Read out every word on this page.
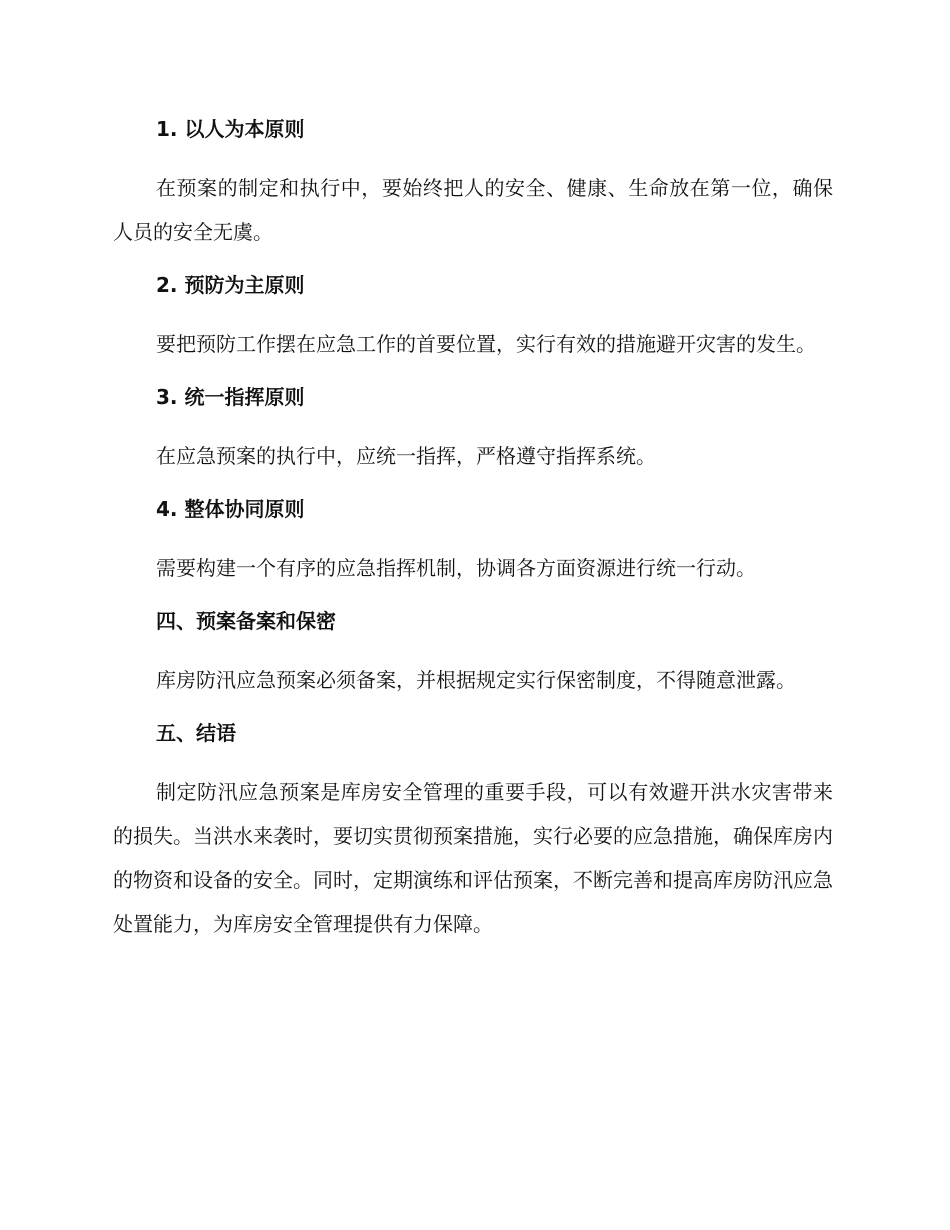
1. 以人为本原则
在预案的制定和执行中，要始终把人的安全、健康、生命放在第一位，确保人员的安全无虞。
2. 预防为主原则
要把预防工作摆在应急工作的首要位置，实行有效的措施避开灾害的发生。
3. 统一指挥原则
在应急预案的执行中，应统一指挥，严格遵守指挥系统。
4. 整体协同原则
需要构建一个有序的应急指挥机制，协调各方面资源进行统一行动。
四、预案备案和保密
库房防汛应急预案必须备案，并根据规定实行保密制度，不得随意泄露。
五、结语
制定防汛应急预案是库房安全管理的重要手段，可以有效避开洪水灾害带来的损失。当洪水来袭时，要切实贯彻预案措施，实行必要的应急措施，确保库房内的物资和设备的安全。同时，定期演练和评估预案，不断完善和提高库房防汛应急处置能力，为库房安全管理提供有力保障。
